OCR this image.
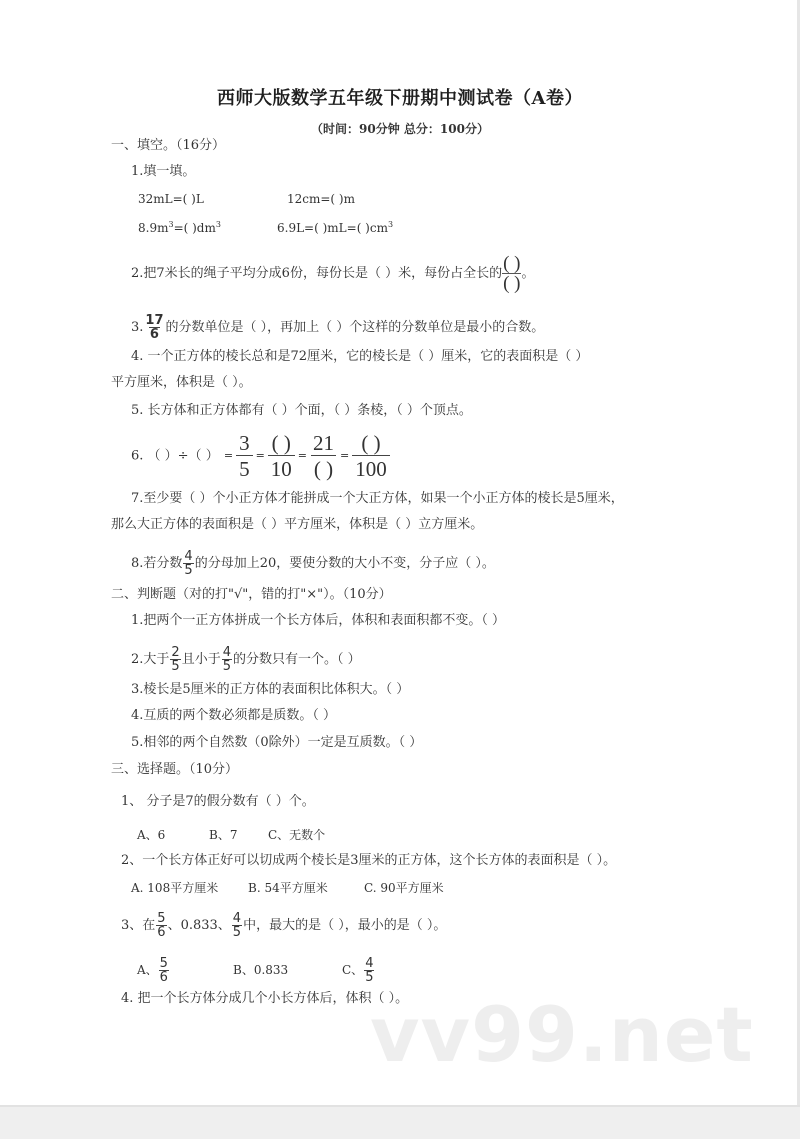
西师大版数学五年级下册期中测试卷（A卷）
（时间：90分钟 总分：100分）
一、填空。（16分）
1.填一填。
32mL=( )L	12cm=( )m
$8.9m^3=$( )$dm^3$	6.9L=( )mL=( )$cm^3$
2.把7米长的绳子平均分成6份，每份长是（ ）米，每份占全长的 $\frac{( )}{( )}$ 。
3. $\frac{17}{6}$ 的分数单位是（ ），再加上（ ）个这样的分数单位是最小的合数。
4. 一个正方体的棱长总和是72厘米，它的棱长是（ ）厘米，它的表面积是（ ）
平方厘米，体积是（ ）。
5. 长方体和正方体都有（ ）个面，（ ）条棱，（ ）个顶点。
6. （ ）÷（ ） = $\frac{3}{5} = \frac{( )}{10} = \frac{21}{( )} = \frac{( )}{100}$
7.至少要（ ）个小正方体才能拼成一个大正方体，如果一个小正方体的棱长是5厘米，
那么大正方体的表面积是（ ）平方厘米，体积是（ ）立方厘米。
8.若分数 $\frac{4}{5}$ 的分母加上20，要使分数的大小不变，分子应（ ）。
二、判断题（对的打"√"，错的打"×"）。（10分）
1.把两个一正方体拼成一个长方体后，体积和表面积都不变。（ ）
2.大于 $\frac{2}{5}$ 且小于 $\frac{4}{5}$ 的分数只有一个。（ ）
3.棱长是5厘米的正方体的表面积比体积大。（ ）
4.互质的两个数必须都是质数。（ ）
5.相邻的两个自然数（0除外）一定是互质数。（ ）
三、选择题。（10分）
1、 分子是7的假分数有（ ）个。
A、6	B、7	C、无数个
2、一个长方体正好可以切成两个棱长是3厘米的正方体，这个长方体的表面积是（ ）。
A. 108平方厘米 B. 54平方厘米	C. 90平方厘米
3、在 $\frac{5}{6}$ 、0.833、 $\frac{4}{5}$ 中，最大的是（ ），最小的是（ ）。
A、 $\frac{5}{6}$	B、0.833	C、 $\frac{4}{5}$
4. 把一个长方体分成几个小长方体后，体积（ ）。
vv99.net
